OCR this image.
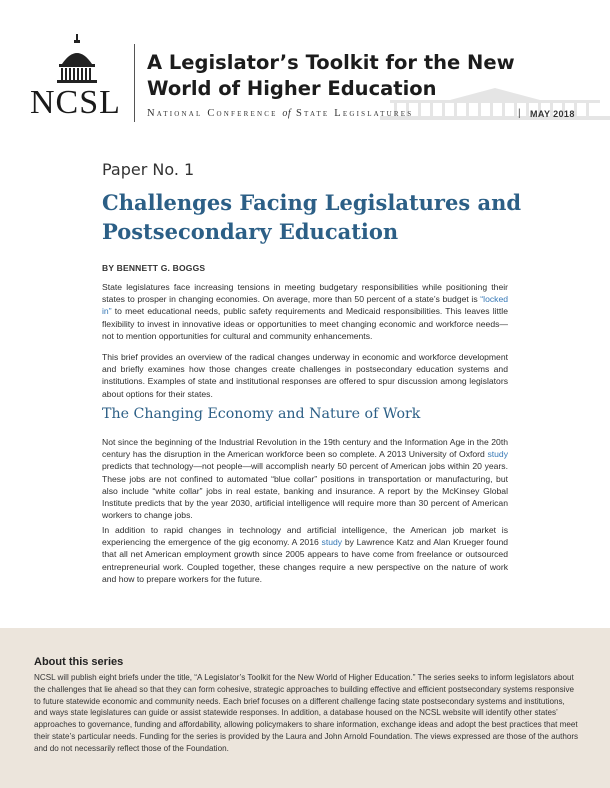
NCSL
A Legislator’s Toolkit for the New World of Higher Education
National Conference of State Legislatures	| MAY 2018
Paper No. 1
Challenges Facing Legislatures and Postsecondary Education
BY BENNETT G. BOGGS
State legislatures face increasing tensions in meeting budgetary responsibilities while positioning their states to prosper in changing economies. On average, more than 50 percent of a state’s budget is “locked in” to meet educational needs, public safety requirements and Medicaid responsibilities. This leaves little flexibility to invest in innovative ideas or opportunities to meet changing economic and workforce needs—not to mention opportunities for cultural and community enhancements.
This brief provides an overview of the radical changes underway in economic and workforce development and briefly examines how those changes create challenges in postsecondary education systems and institutions. Examples of state and institutional responses are offered to spur discussion among legislators about options for their states.
The Changing Economy and Nature of Work
Not since the beginning of the Industrial Revolution in the 19th century and the Information Age in the 20th century has the disruption in the American workforce been so complete. A 2013 University of Oxford study predicts that technology—not people—will accomplish nearly 50 percent of American jobs within 20 years. These jobs are not confined to automated “blue collar” positions in transportation or manufacturing, but also include “white collar” jobs in real estate, banking and insurance. A report by the McKinsey Global Institute predicts that by the year 2030, artificial intelligence will require more than 30 percent of American workers to change jobs.
In addition to rapid changes in technology and artificial intelligence, the American job market is experiencing the emergence of the gig economy. A 2016 study by Lawrence Katz and Alan Krueger found that all net American employment growth since 2005 appears to have come from freelance or outsourced entrepreneurial work. Coupled together, these changes require a new perspective on the nature of work and how to prepare workers for the future.
About this series
NCSL will publish eight briefs under the title, “A Legislator’s Toolkit for the New World of Higher Education.” The series seeks to inform legislators about the challenges that lie ahead so that they can form cohesive, strategic approaches to building effective and efficient postsecondary systems responsive to future statewide economic and community needs. Each brief focuses on a different challenge facing state postsecondary systems and institutions, and ways state legislatures can guide or assist statewide responses. In addition, a database housed on the NCSL website will identify other states’ approaches to governance, funding and affordability, allowing policymakers to share information, exchange ideas and adopt the best practices that meet their state’s particular needs. Funding for the series is provided by the Laura and John Arnold Foundation. The views expressed are those of the authors and do not necessarily reflect those of the Foundation.
